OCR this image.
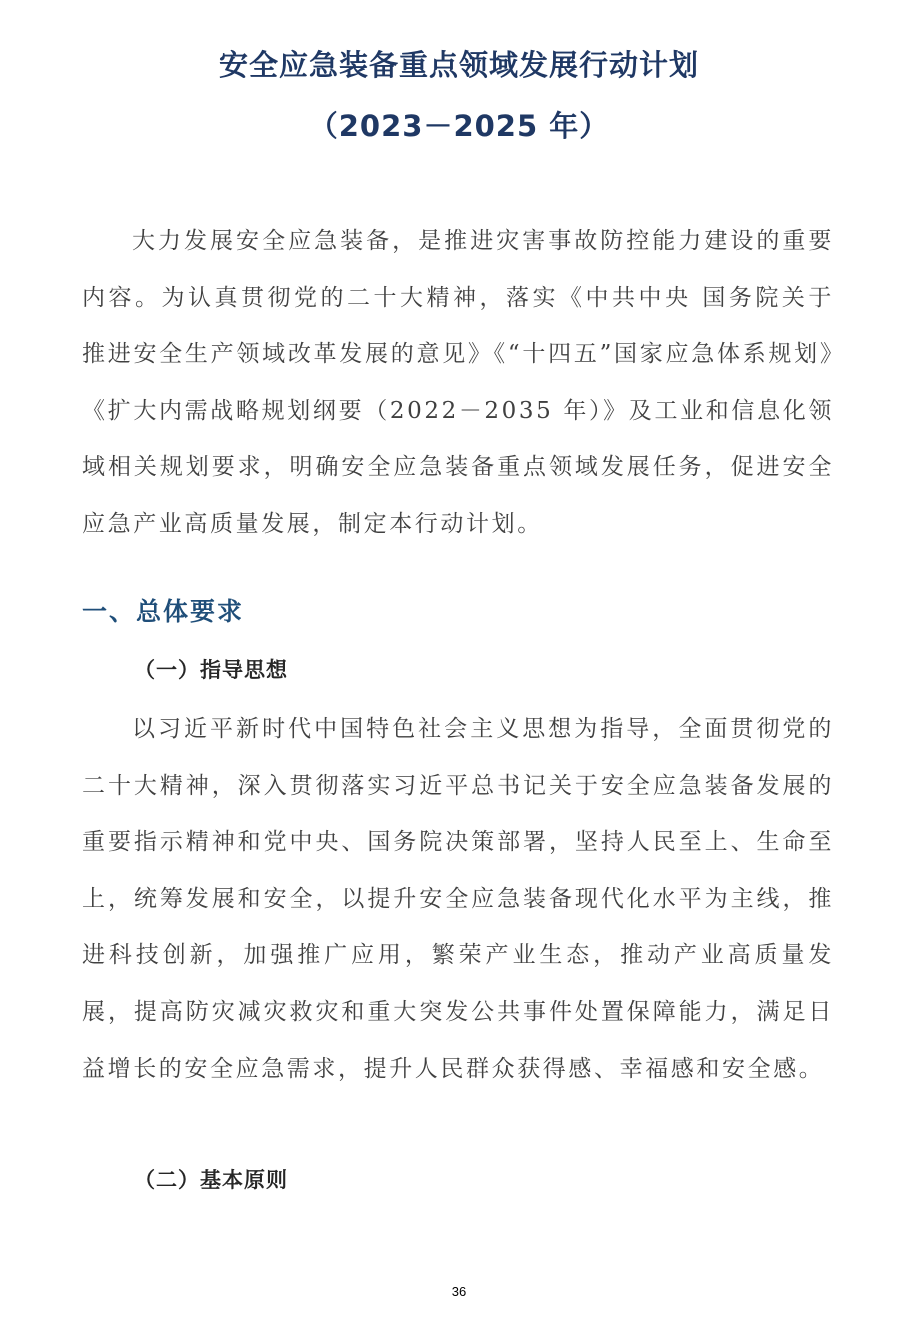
安全应急装备重点领域发展行动计划
（2023－2025 年）

大力发展安全应急装备，是推进灾害事故防控能力建设的重要内容。为认真贯彻党的二十大精神，落实《中共中央 国务院关于推进安全生产领域改革发展的意见》《“十四五”国家应急体系规划》《扩大内需战略规划纲要（2022－2035 年）》及工业和信息化领域相关规划要求，明确安全应急装备重点领域发展任务，促进安全应急产业高质量发展，制定本行动计划。

一、总体要求
（一）指导思想

以习近平新时代中国特色社会主义思想为指导，全面贯彻党的二十大精神，深入贯彻落实习近平总书记关于安全应急装备发展的重要指示精神和党中央、国务院决策部署，坚持人民至上、生命至上，统筹发展和安全，以提升安全应急装备现代化水平为主线，推进科技创新，加强推广应用，繁荣产业生态，推动产业高质量发展，提高防灾减灾救灾和重大突发公共事件处置保障能力，满足日益增长的安全应急需求，提升人民群众获得感、幸福感和安全感。

（二）基本原则
36
